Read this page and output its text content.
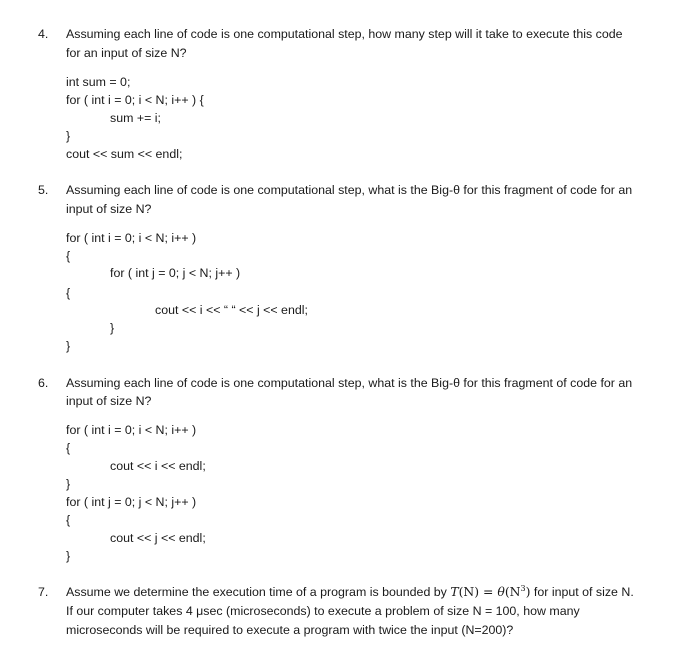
4. Assuming each line of code is one computational step, how many step will it take to execute this code
for an input of size N?
int sum = 0;
for ( int i = 0; i < N; i++ ) {
sum += i;
}
cout << sum << endl;
5. Assuming each line of code is one computational step, what is the Big-θ for this fragment of code for an
input of size N?
for ( int i = 0; i < N; i++ )
{
for ( int j = 0; j < N; j++ )
{
cout << i << “ “ << j << endl;
}
}
6. Assuming each line of code is one computational step, what is the Big-θ for this fragment of code for an
input of size N?
for ( int i = 0; i < N; i++ )
{
cout << i << endl;
}
for ( int j = 0; j < N; j++ )
{
cout << j << endl;
}
7. Assume we determine the execution time of a program is bounded by $T(N) = \theta(N^3)$ for input of size N.
If our computer takes 4 μsec (microseconds) to execute a problem of size N = 100, how many
microseconds will be required to execute a program with twice the input (N=200)?
